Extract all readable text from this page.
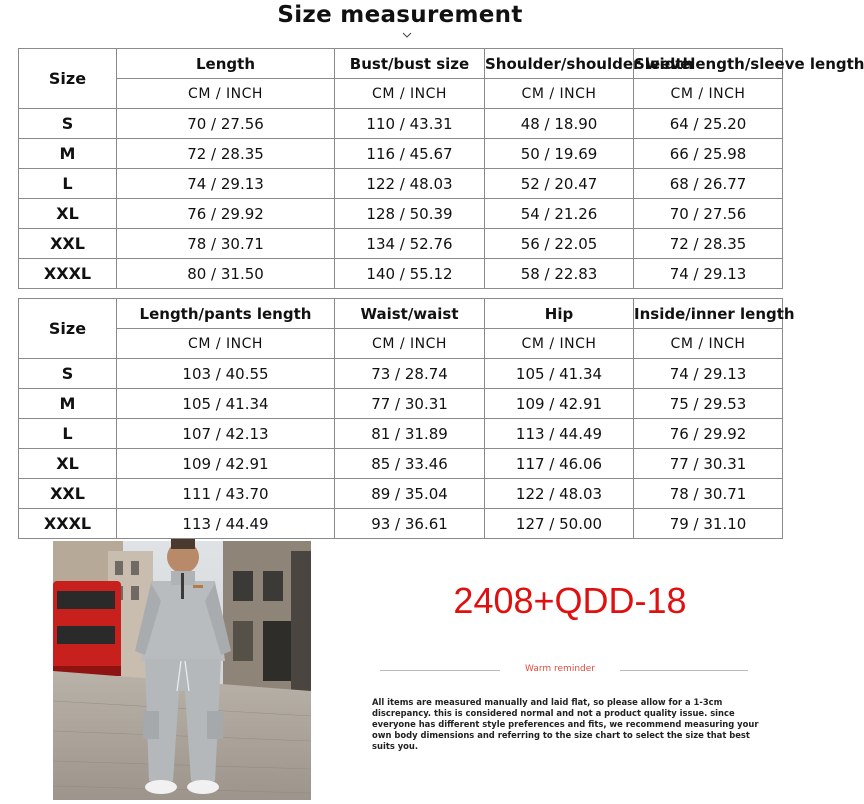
Size measurement
Size	Length	Bust/bust size	Shoulder/shoulder width	Sleevelength/sleeve length
	CM / INCH	CM / INCH	CM / INCH	CM / INCH
S	70 / 27.56	110 / 43.31	48 / 18.90	64 / 25.20
M	72 / 28.35	116 / 45.67	50 / 19.69	66 / 25.98
L	74 / 29.13	122 / 48.03	52 / 20.47	68 / 26.77
XL	76 / 29.92	128 / 50.39	54 / 21.26	70 / 27.56
XXL	78 / 30.71	134 / 52.76	56 / 22.05	72 / 28.35
XXXL	80 / 31.50	140 / 55.12	58 / 22.83	74 / 29.13
Size	Length/pants length	Waist/waist	Hip	Inside/inner length
	CM / INCH	CM / INCH	CM / INCH	CM / INCH
S	103 / 40.55	73 / 28.74	105 / 41.34	74 / 29.13
M	105 / 41.34	77 / 30.31	109 / 42.91	75 / 29.53
L	107 / 42.13	81 / 31.89	113 / 44.49	76 / 29.92
XL	109 / 42.91	85 / 33.46	117 / 46.06	77 / 30.31
XXL	111 / 43.70	89 / 35.04	122 / 48.03	78 / 30.71
XXXL	113 / 44.49	93 / 36.61	127 / 50.00	79 / 31.10
2408+QDD-18
Warm reminder
All items are measured manually and laid flat, so please allow for a 1-3cm discrepancy. this is considered normal and not a product quality issue. since everyone has different style preferences and fits, we recommend measuring your own body dimensions and referring to the size chart to select the size that best suits you.
